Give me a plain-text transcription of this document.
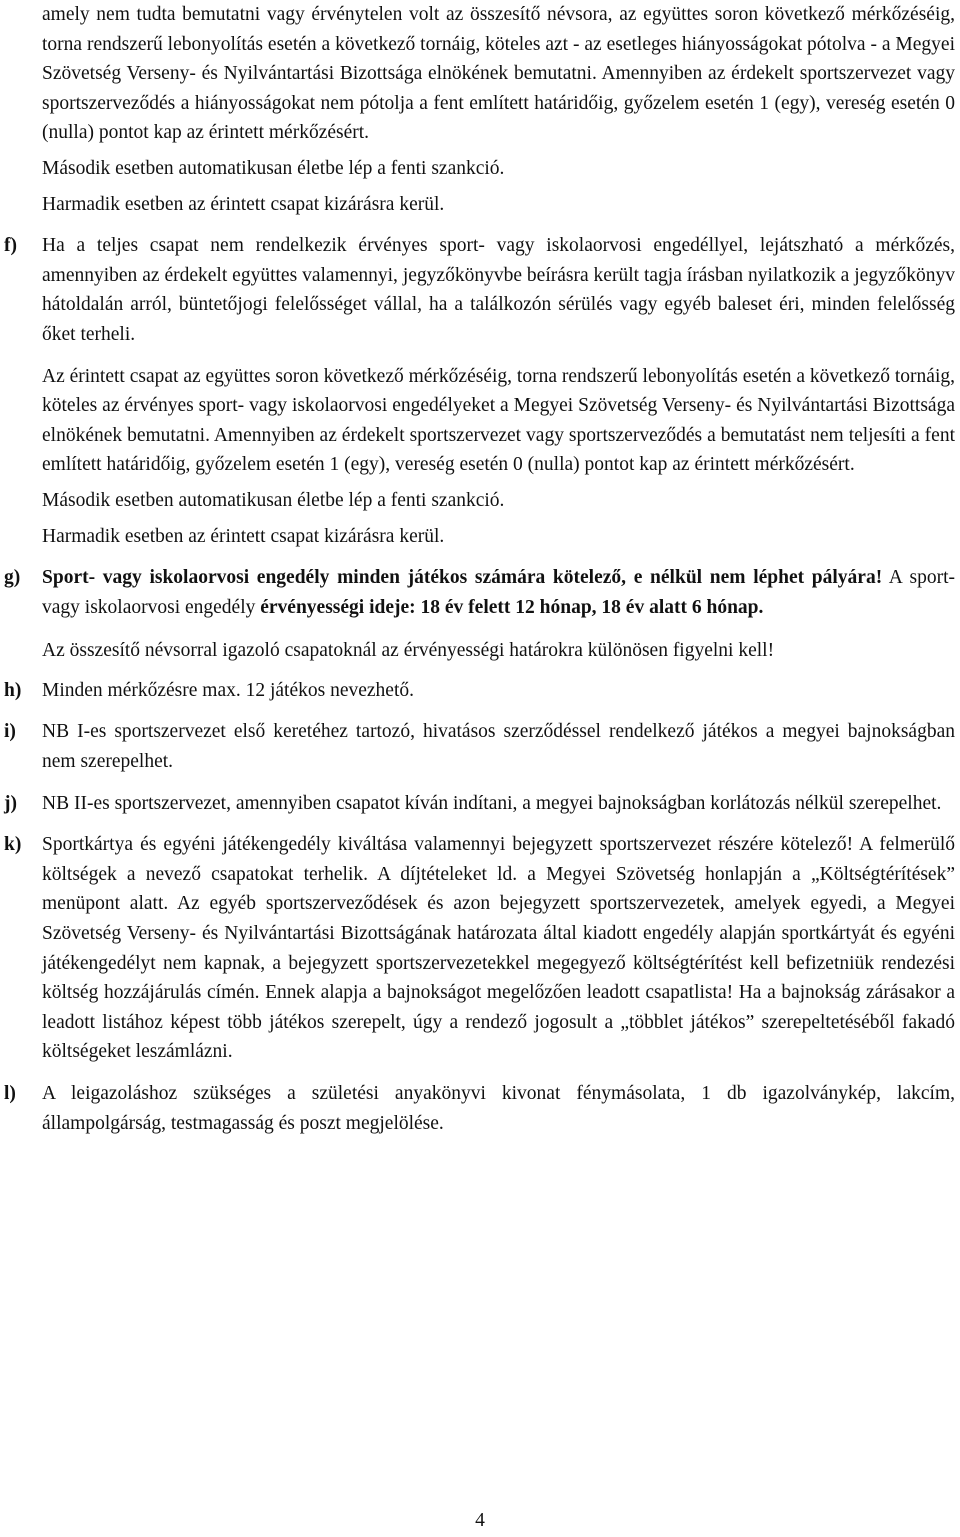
amely nem tudta bemutatni vagy érvénytelen volt az összesítő névsora, az együttes soron következő mérkőzéséig, torna rendszerű lebonyolítás esetén a következő tornáig, köteles azt - az esetleges hiányosságokat pótolva - a Megyei Szövetség Verseny- és Nyilvántartási Bizottsága elnökének bemutatni. Amennyiben az érdekelt sportszervezet vagy sportszerveződés a hiányosságokat nem pótolja a fent említett határidőig, győzelem esetén 1 (egy), vereség esetén 0 (nulla) pontot kap az érintett mérkőzésért.

Második esetben automatikusan életbe lép a fenti szankció.

Harmadik esetben az érintett csapat kizárásra kerül.

f) Ha a teljes csapat nem rendelkezik érvényes sport- vagy iskolaorvosi engedéllyel, lejátszható a mérkőzés, amennyiben az érdekelt együttes valamennyi, jegyzőkönyvbe beírásra került tagja írásban nyilatkozik a jegyzőkönyv hátoldalán arról, büntetőjogi felelősséget vállal, ha a találkozón sérülés vagy egyéb baleset éri, minden felelősség őket terheli.

Az érintett csapat az együttes soron következő mérkőzéséig, torna rendszerű lebonyolítás esetén a következő tornáig, köteles az érvényes sport- vagy iskolaorvosi engedélyeket a Megyei Szövetség Verseny- és Nyilvántartási Bizottsága elnökének bemutatni. Amennyiben az érdekelt sportszervezet vagy sportszerveződés a bemutatást nem teljesíti a fent említett határidőig, győzelem esetén 1 (egy), vereség esetén 0 (nulla) pontot kap az érintett mérkőzésért.

Második esetben automatikusan életbe lép a fenti szankció.

Harmadik esetben az érintett csapat kizárásra kerül.

g) Sport- vagy iskolaorvosi engedély minden játékos számára kötelező, e nélkül nem léphet pályára! A sport- vagy iskolaorvosi engedély érvényességi ideje: 18 év felett 12 hónap, 18 év alatt 6 hónap.

Az összesítő névsorral igazoló csapatoknál az érvényességi határokra különösen figyelni kell!

h) Minden mérkőzésre max. 12 játékos nevezhető.

i) NB I-es sportszervezet első keretéhez tartozó, hivatásos szerződéssel rendelkező játékos a megyei bajnokságban nem szerepelhet.

j) NB II-es sportszervezet, amennyiben csapatot kíván indítani, a megyei bajnokságban korlátozás nélkül szerepelhet.

k) Sportkártya és egyéni játékengedély kiváltása valamennyi bejegyzett sportszervezet részére kötelező! A felmerülő költségek a nevező csapatokat terhelik. A díjtételeket ld. a Megyei Szövetség honlapján a „Költségtérítések” menüpont alatt. Az egyéb sportszerveződések és azon bejegyzett sportszervezetek, amelyek egyedi, a Megyei Szövetség Verseny- és Nyilvántartási Bizottságának határozata által kiadott engedély alapján sportkártyát és egyéni játékengedélyt nem kapnak, a bejegyzett sportszervezetekkel megegyező költségtérítést kell befizetniük rendezési költség hozzájárulás címén. Ennek alapja a bajnokságot megelőzően leadott csapatlista! Ha a bajnokság zárásakor a leadott listához képest több játékos szerepelt, úgy a rendező jogosult a „többlet játékos” szerepeltetéséből fakadó költségeket leszámlázni.

l) A leigazoláshoz szükséges a születési anyakönyvi kivonat fénymásolata, 1 db igazolványkép, lakcím, állampolgárság, testmagasság és poszt megjelölése.

4
